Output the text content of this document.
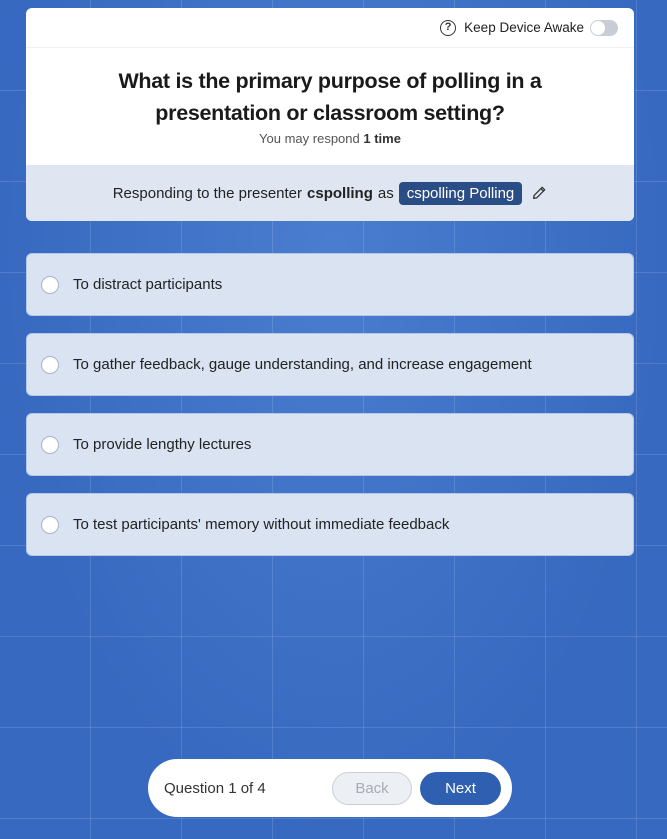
? Keep Device Awake
What is the primary purpose of polling in a presentation or classroom setting?

You may respond 1 time

Responding to the presenter cspolling as cspolling Polling
To distract participants
To gather feedback, gauge understanding, and increase engagement
To provide lengthy lectures
To test participants' memory without immediate feedback
Question 1 of 4	Back	Next
